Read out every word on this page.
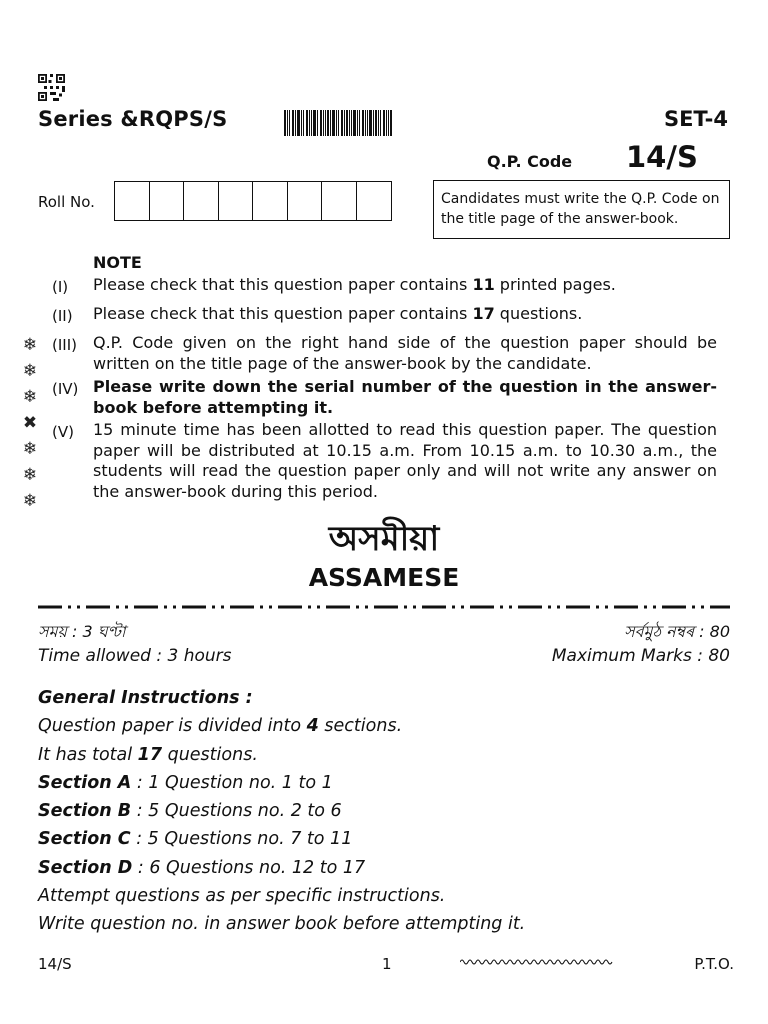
Series &RQPS/S	SET-4
Q.P. Code 14/S
Roll No.	Candidates must write the Q.P. Code on the title page of the answer-book.
NOTE
(I) Please check that this question paper contains 11 printed pages.
(II) Please check that this question paper contains 17 questions.
(III) Q.P. Code given on the right hand side of the question paper should be written on the title page of the answer-book by the candidate.
(IV) Please write down the serial number of the question in the answer-book before attempting it.
(V) 15 minute time has been allotted to read this question paper. The question paper will be distributed at 10.15 a.m. From 10.15 a.m. to 10.30 a.m., the students will read the question paper only and will not write any answer on the answer-book during this period.
❄
❄
❄
✖
❄
❄
❄
অসমীয়া
ASSAMESE
সময় : 3 ঘণ্টা	সৰ্বমুঠ নম্বৰ : 80
Time allowed : 3 hours	Maximum Marks : 80
General Instructions :
Question paper is divided into 4 sections.
It has total 17 questions.
Section A : 1 Question no. 1 to 1
Section B : 5 Questions no. 2 to 6
Section C : 5 Questions no. 7 to 11
Section D : 6 Questions no. 12 to 17
Attempt questions as per specific instructions.
Write question no. in answer book before attempting it.
14/S	1	P.T.O.
